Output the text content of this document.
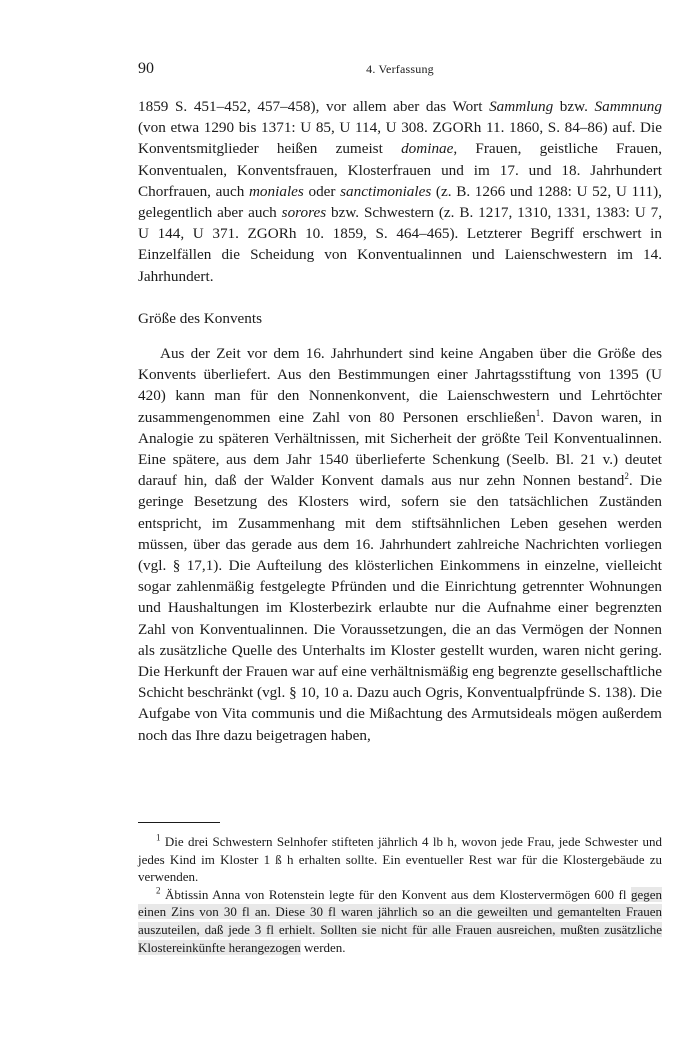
90	4. Verfassung

1859 S. 451–452, 457–458), vor allem aber das Wort Sammlung bzw. Sammnung (von etwa 1290 bis 1371: U 85, U 114, U 308. ZGORh 11. 1860, S. 84–86) auf. Die Konventsmitglieder heißen zumeist dominae, Frauen, geistliche Frauen, Konventualen, Konventsfrauen, Klosterfrauen und im 17. und 18. Jahrhundert Chorfrauen, auch moniales oder sanctimoniales (z. B. 1266 und 1288: U 52, U 111), gelegentlich aber auch sorores bzw. Schwestern (z. B. 1217, 1310, 1331, 1383: U 7, U 144, U 371. ZGORh 10. 1859, S. 464–465). Letzterer Begriff erschwert in Einzelfällen die Scheidung von Konventualinnen und Laienschwestern im 14. Jahrhundert.

Größe des Konvents

Aus der Zeit vor dem 16. Jahrhundert sind keine Angaben über die Größe des Konvents überliefert. Aus den Bestimmungen einer Jahrtagsstiftung von 1395 (U 420) kann man für den Nonnenkonvent, die Laienschwestern und Lehrtöchter zusammengenommen eine Zahl von 80 Personen erschließen$^1$. Davon waren, in Analogie zu späteren Verhältnissen, mit Sicherheit der größte Teil Konventualinnen. Eine spätere, aus dem Jahr 1540 überlieferte Schenkung (Seelb. Bl. 21 v.) deutet darauf hin, daß der Walder Konvent damals aus nur zehn Nonnen bestand$^2$. Die geringe Besetzung des Klosters wird, sofern sie den tatsächlichen Zuständen entspricht, im Zusammenhang mit dem stiftsähnlichen Leben gesehen werden müssen, über das gerade aus dem 16. Jahrhundert zahlreiche Nachrichten vorliegen (vgl. § 17,1). Die Aufteilung des klösterlichen Einkommens in einzelne, vielleicht sogar zahlenmäßig festgelegte Pfründen und die Einrichtung getrennter Wohnungen und Haushaltungen im Klosterbezirk erlaubte nur die Aufnahme einer begrenzten Zahl von Konventualinnen. Die Voraussetzungen, die an das Vermögen der Nonnen als zusätzliche Quelle des Unterhalts im Kloster gestellt wurden, waren nicht gering. Die Herkunft der Frauen war auf eine verhältnismäßig eng begrenzte gesellschaftliche Schicht beschränkt (vgl. § 10, 10 a. Dazu auch Ogris, Konventualpfründe S. 138). Die Aufgabe von Vita communis und die Mißachtung des Armutsideals mögen außerdem noch das Ihre dazu beigetragen haben,

$^1$ Die drei Schwestern Selnhofer stifteten jährlich 4 lb h, wovon jede Frau, jede Schwester und jedes Kind im Kloster 1 ß h erhalten sollte. Ein eventueller Rest war für die Klostergebäude zu verwenden.

$^2$ Äbtissin Anna von Rotenstein legte für den Konvent aus dem Klostervermögen 600 fl gegen einen Zins von 30 fl an. Diese 30 fl waren jährlich so an die geweilten und gemantelten Frauen auszuteilen, daß jede 3 fl erhielt. Sollten sie nicht für alle Frauen ausreichen, mußten zusätzliche Klostereinkünfte herangezogen werden.
